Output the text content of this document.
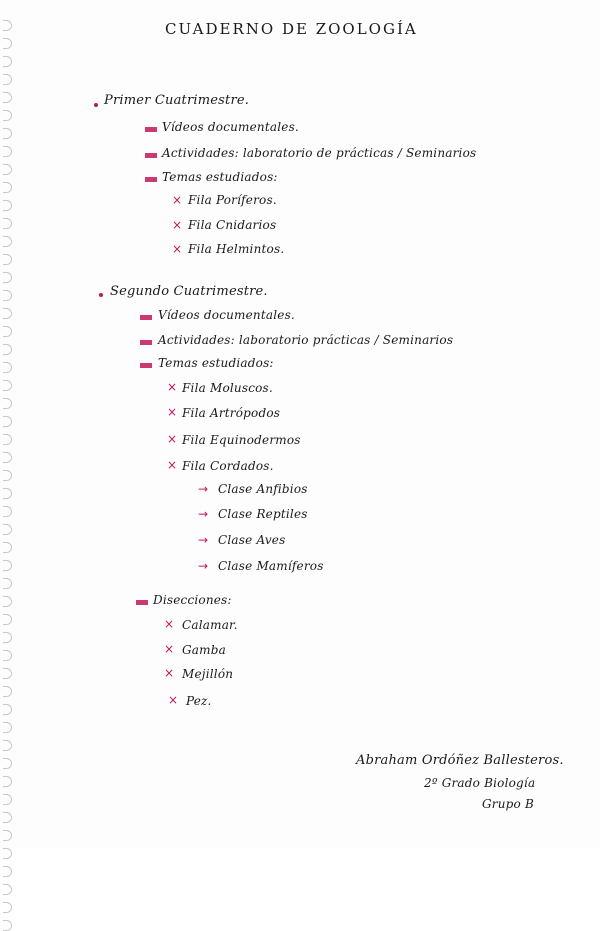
CUADERNO DE ZOOLOGÍA
Primer Cuatrimestre.
Vídeos documentales.
Actividades: laboratorio de prácticas / Seminarios
Temas estudiados:
× Fila Poríferos.
× Fila Cnidarios
× Fila Helmintos.
Segundo Cuatrimestre.
Vídeos documentales.
Actividades: laboratorio prácticas / Seminarios
Temas estudiados:
× Fila Moluscos.
× Fila Artrópodos
× Fila Equinodermos
× Fila Cordados.
→ Clase Anfibios
→ Clase Reptiles
→ Clase Aves
→ Clase Mamíferos
Disecciones:
× Calamar.
× Gamba
× Mejillón
× Pez.
Abraham Ordóñez Ballesteros.
2º Grado Biología
Grupo B
